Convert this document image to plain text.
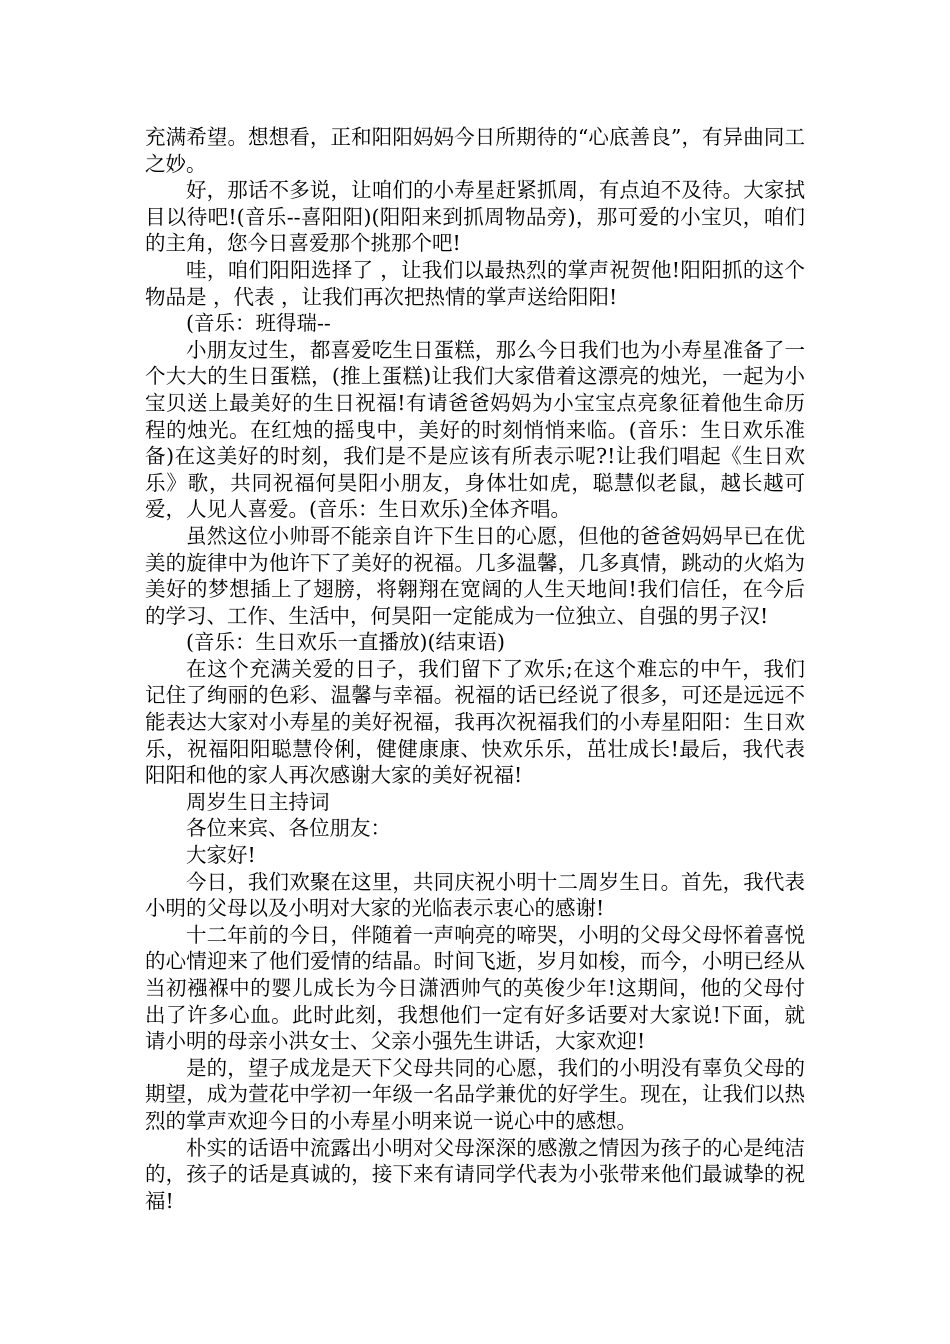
充满希望。想想看，正和阳阳妈妈今日所期待的“心底善良”，有异曲同工之妙。

好，那话不多说，让咱们的小寿星赶紧抓周，有点迫不及待。大家拭目以待吧!(音乐--喜阳阳)(阳阳来到抓周物品旁)，那可爱的小宝贝，咱们的主角，您今日喜爱那个挑那个吧!

哇，咱们阳阳选择了 ，让我们以最热烈的掌声祝贺他!阳阳抓的这个物品是 ，代表 ，让我们再次把热情的掌声送给阳阳!

(音乐：班得瑞--

小朋友过生，都喜爱吃生日蛋糕，那么今日我们也为小寿星准备了一个大大的生日蛋糕，(推上蛋糕)让我们大家借着这漂亮的烛光，一起为小宝贝送上最美好的生日祝福!有请爸爸妈妈为小宝宝点亮象征着他生命历程的烛光。在红烛的摇曳中，美好的时刻悄悄来临。(音乐：生日欢乐准备)在这美好的时刻，我们是不是应该有所表示呢?!让我们唱起《生日欢乐》歌，共同祝福何昊阳小朋友，身体壮如虎，聪慧似老鼠，越长越可爱，人见人喜爱。(音乐：生日欢乐)全体齐唱。

虽然这位小帅哥不能亲自许下生日的心愿，但他的爸爸妈妈早已在优美的旋律中为他许下了美好的祝福。几多温馨，几多真情，跳动的火焰为美好的梦想插上了翅膀，将翱翔在宽阔的人生天地间!我们信任，在今后的学习、工作、生活中，何昊阳一定能成为一位独立、自强的男子汉!

(音乐：生日欢乐一直播放)(结束语)

在这个充满关爱的日子，我们留下了欢乐;在这个难忘的中午，我们记住了绚丽的色彩、温馨与幸福。祝福的话已经说了很多，可还是远远不能表达大家对小寿星的美好祝福，我再次祝福我们的小寿星阳阳：生日欢乐，祝福阳阳聪慧伶俐，健健康康、快欢乐乐，茁壮成长!最后，我代表阳阳和他的家人再次感谢大家的美好祝福!

周岁生日主持词

各位来宾、各位朋友：

大家好!

今日，我们欢聚在这里，共同庆祝小明十二周岁生日。首先，我代表小明的父母以及小明对大家的光临表示衷心的感谢!

十二年前的今日，伴随着一声响亮的啼哭，小明的父母父母怀着喜悦的心情迎来了他们爱情的结晶。时间飞逝，岁月如梭，而今，小明已经从当初襁褓中的婴儿成长为今日潇洒帅气的英俊少年!这期间，他的父母付出了许多心血。此时此刻，我想他们一定有好多话要对大家说!下面，就请小明的母亲小洪女士、父亲小强先生讲话，大家欢迎!

是的，望子成龙是天下父母共同的心愿，我们的小明没有辜负父母的期望，成为萱花中学初一年级一名品学兼优的好学生。现在，让我们以热烈的掌声欢迎今日的小寿星小明来说一说心中的感想。

朴实的话语中流露出小明对父母深深的感激之情因为孩子的心是纯洁的，孩子的话是真诚的，接下来有请同学代表为小张带来他们最诚挚的祝福!
